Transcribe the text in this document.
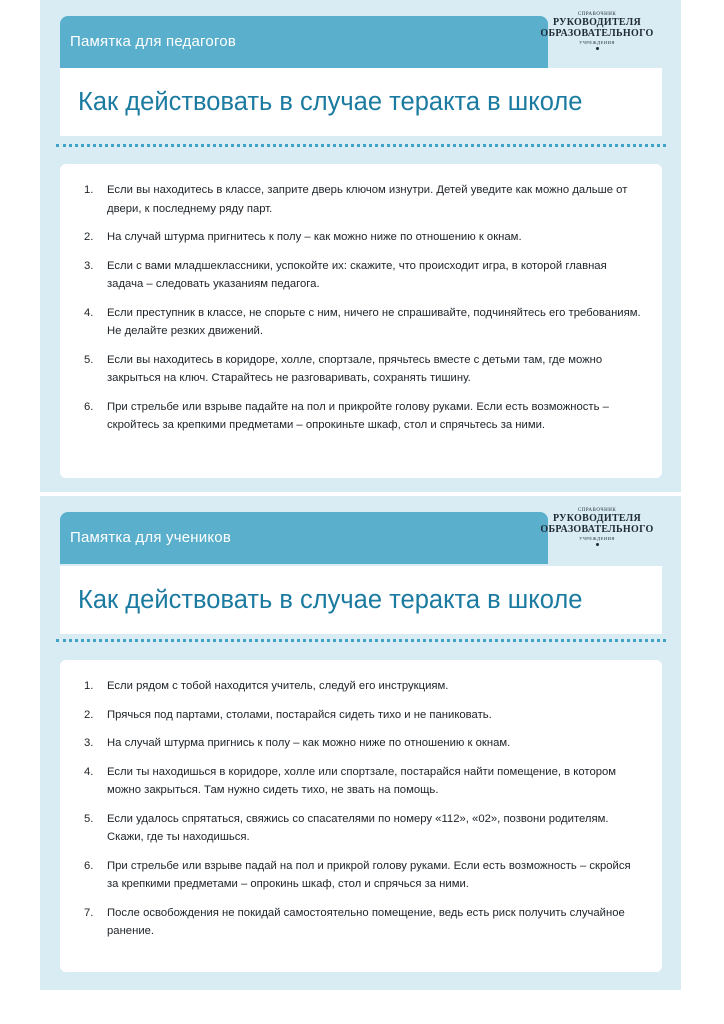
Памятка для педагогов
СПРАВОЧНИК
РУКОВОДИТЕЛЯ
ОБРАЗОВАТЕЛЬНОГО
УЧРЕЖДЕНИЯ
Как действовать в случае теракта в школе
1. Если вы находитесь в классе, заприте дверь ключом изнутри. Детей уведите как можно дальше от двери, к последнему ряду парт.
2. На случай штурма пригнитесь к полу – как можно ниже по отношению к окнам.
3. Если с вами младшеклассники, успокойте их: скажите, что происходит игра, в которой главная задача – следовать указаниям педагога.
4. Если преступник в классе, не спорьте с ним, ничего не спрашивайте, подчиняйтесь его требованиям. Не делайте резких движений.
5. Если вы находитесь в коридоре, холле, спортзале, прячьтесь вместе с детьми там, где можно закрыться на ключ. Старайтесь не разговаривать, сохранять тишину.
6. При стрельбе или взрыве падайте на пол и прикройте голову руками. Если есть возможность – скройтесь за крепкими предметами – опрокиньте шкаф, стол и спрячьтесь за ними.
Памятка для учеников
СПРАВОЧНИК
РУКОВОДИТЕЛЯ
ОБРАЗОВАТЕЛЬНОГО
УЧРЕЖДЕНИЯ
Как действовать в случае теракта в школе
1. Если рядом с тобой находится учитель, следуй его инструкциям.
2. Прячься под партами, столами, постарайся сидеть тихо и не паниковать.
3. На случай штурма пригнись к полу – как можно ниже по отношению к окнам.
4. Если ты находишься в коридоре, холле или спортзале, постарайся найти помещение, в котором можно закрыться. Там нужно сидеть тихо, не звать на помощь.
5. Если удалось спрятаться, свяжись со спасателями по номеру «112», «02», позвони родителям. Скажи, где ты находишься.
6. При стрельбе или взрыве падай на пол и прикрой голову руками. Если есть возможность – скройся за крепкими предметами – опрокинь шкаф, стол и спрячься за ними.
7. После освобождения не покидай самостоятельно помещение, ведь есть риск получить случайное ранение.
